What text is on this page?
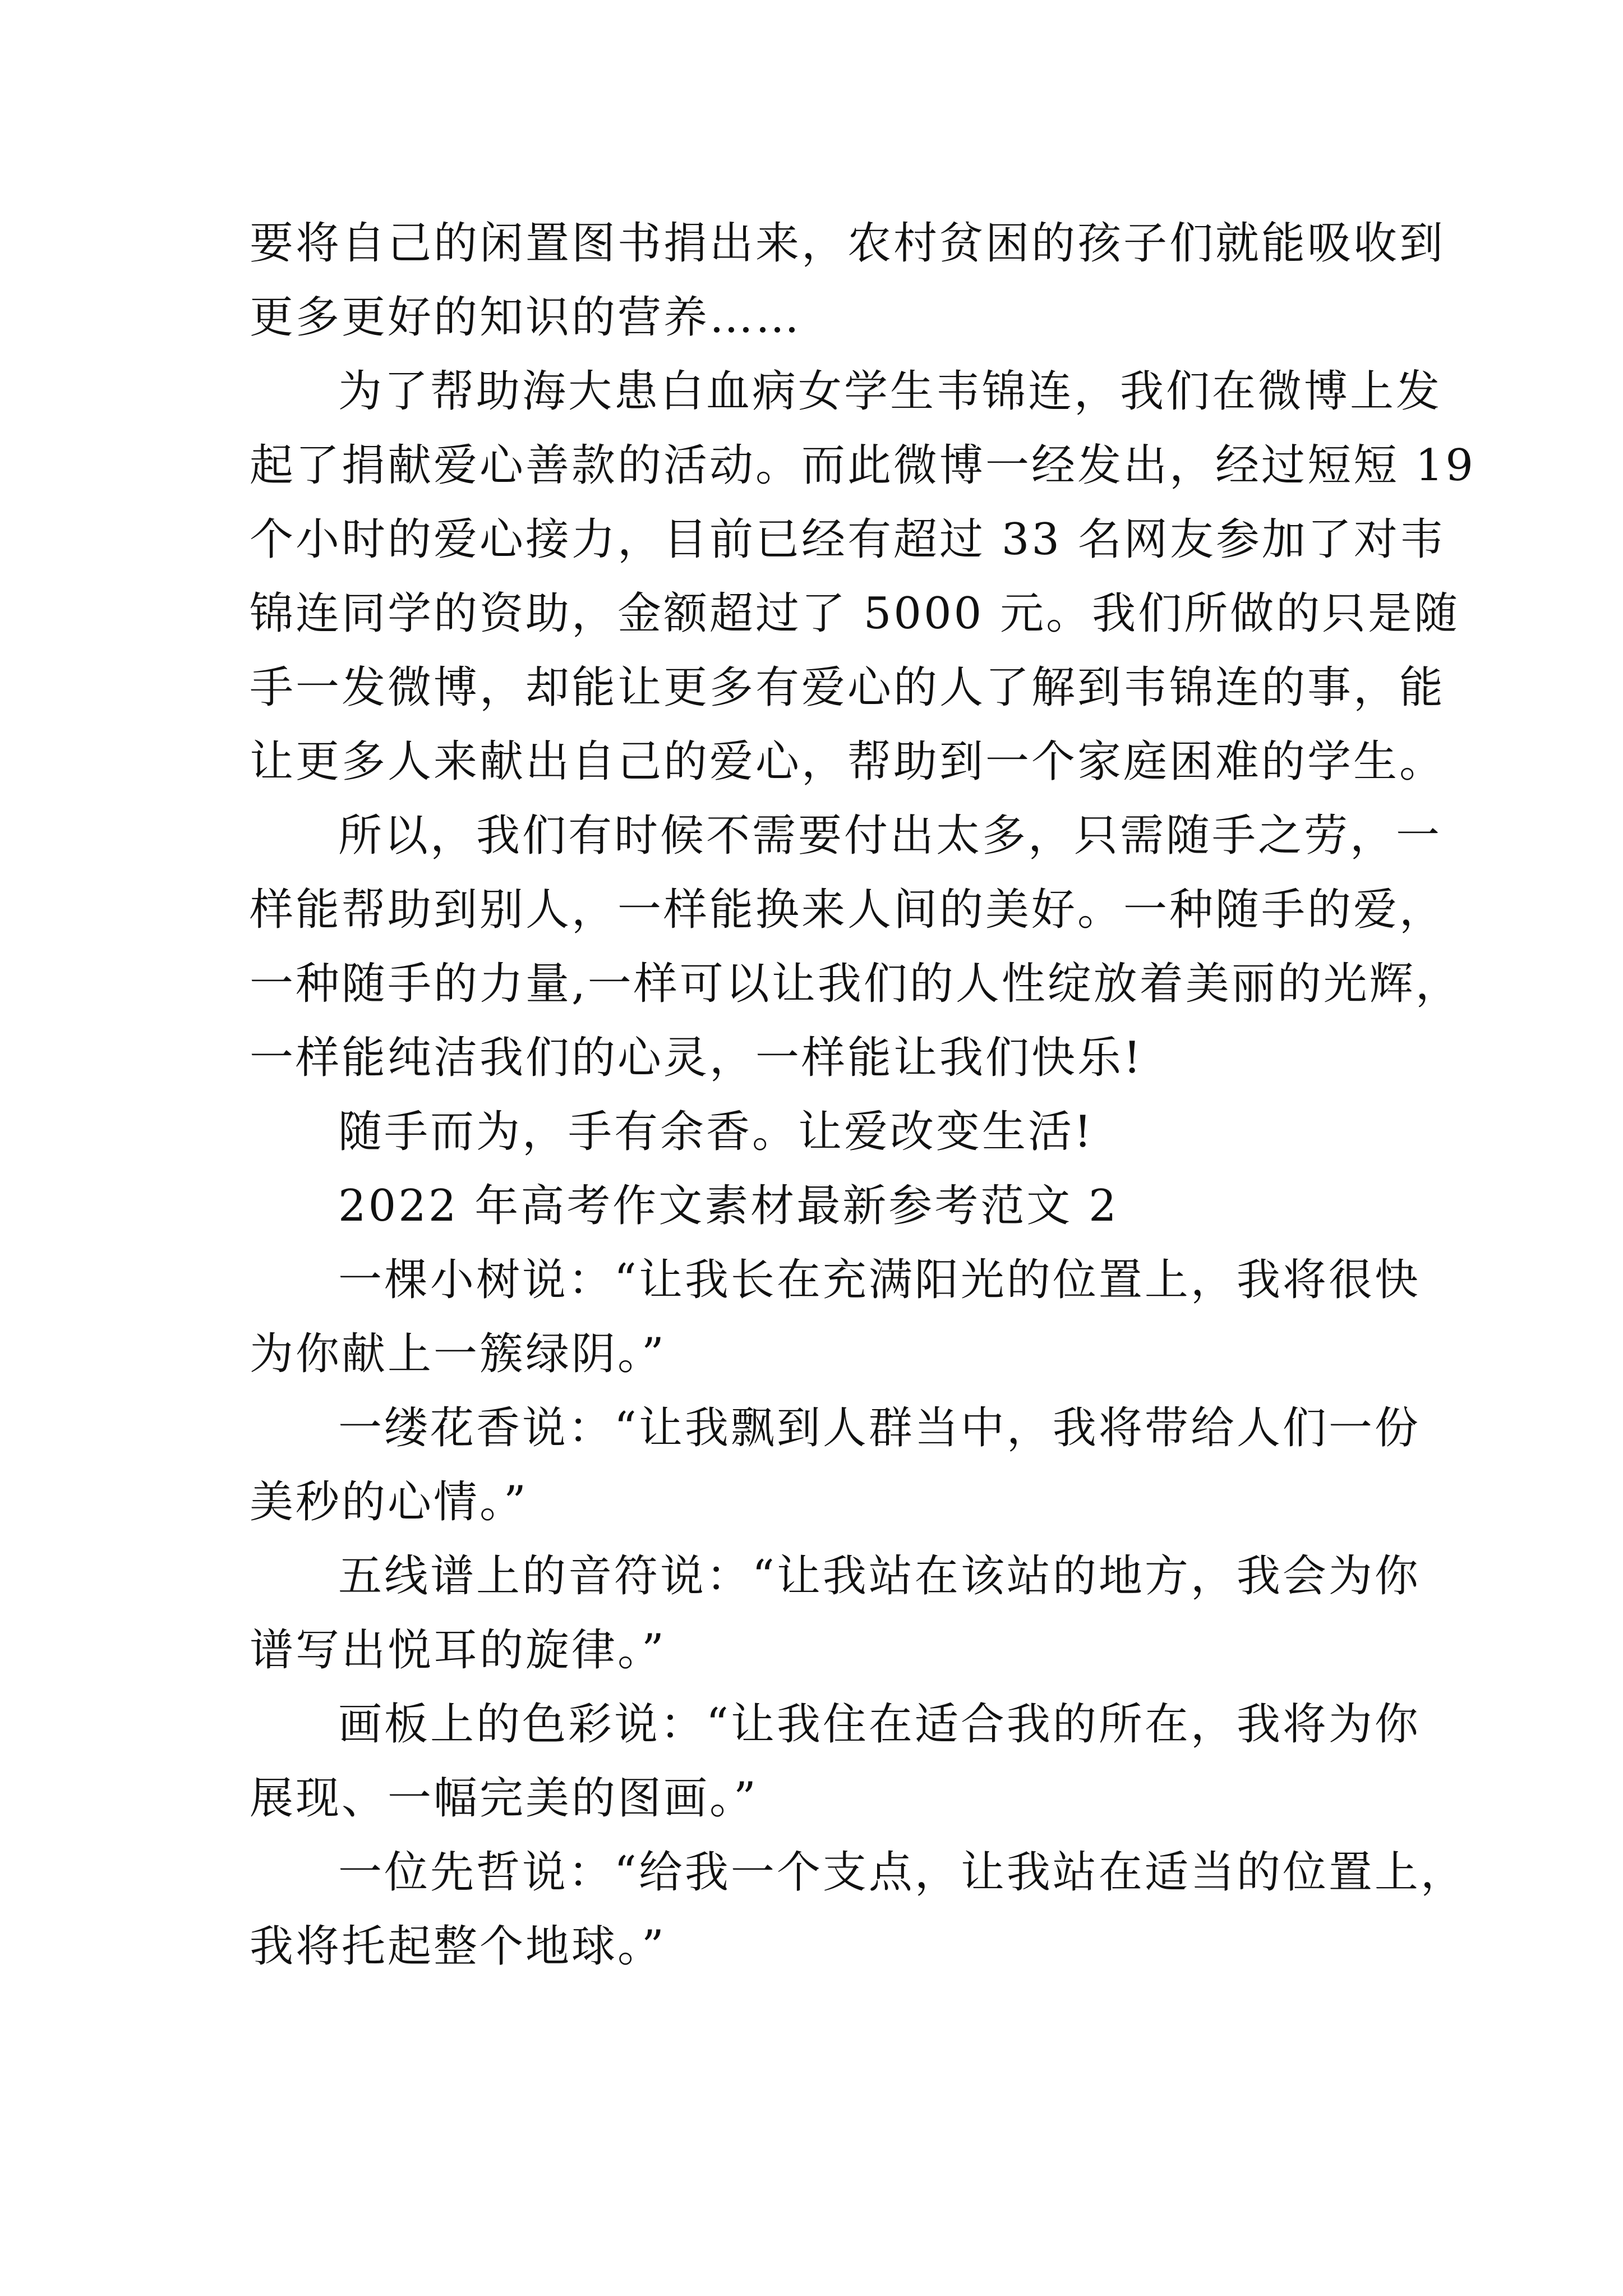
要将自己的闲置图书捐出来，农村贫困的孩子们就能吸收到
更多更好的知识的营养……
为了帮助海大患白血病女学生韦锦连，我们在微博上发
起了捐献爱心善款的活动。而此微博一经发出，经过短短 19
个小时的爱心接力，目前已经有超过 33 名网友参加了对韦
锦连同学的资助，金额超过了 5000 元。我们所做的只是随
手一发微博，却能让更多有爱心的人了解到韦锦连的事，能
让更多人来献出自己的爱心，帮助到一个家庭困难的学生。
所以，我们有时候不需要付出太多，只需随手之劳，一
样能帮助到别人，一样能换来人间的美好。一种随手的爱，
一种随手的力量,一样可以让我们的人性绽放着美丽的光辉，
一样能纯洁我们的心灵，一样能让我们快乐!
随手而为，手有余香。让爱改变生活!
2022 年高考作文素材最新参考范文 2
一棵小树说：“让我长在充满阳光的位置上，我将很快
为你献上一簇绿阴。”
一缕花香说：“让我飘到人群当中，我将带给人们一份
美秒的心情。”
五线谱上的音符说：“让我站在该站的地方，我会为你
谱写出悦耳的旋律。”
画板上的色彩说：“让我住在适合我的所在，我将为你
展现、一幅完美的图画。”
一位先哲说：“给我一个支点，让我站在适当的位置上，
我将托起整个地球。”
